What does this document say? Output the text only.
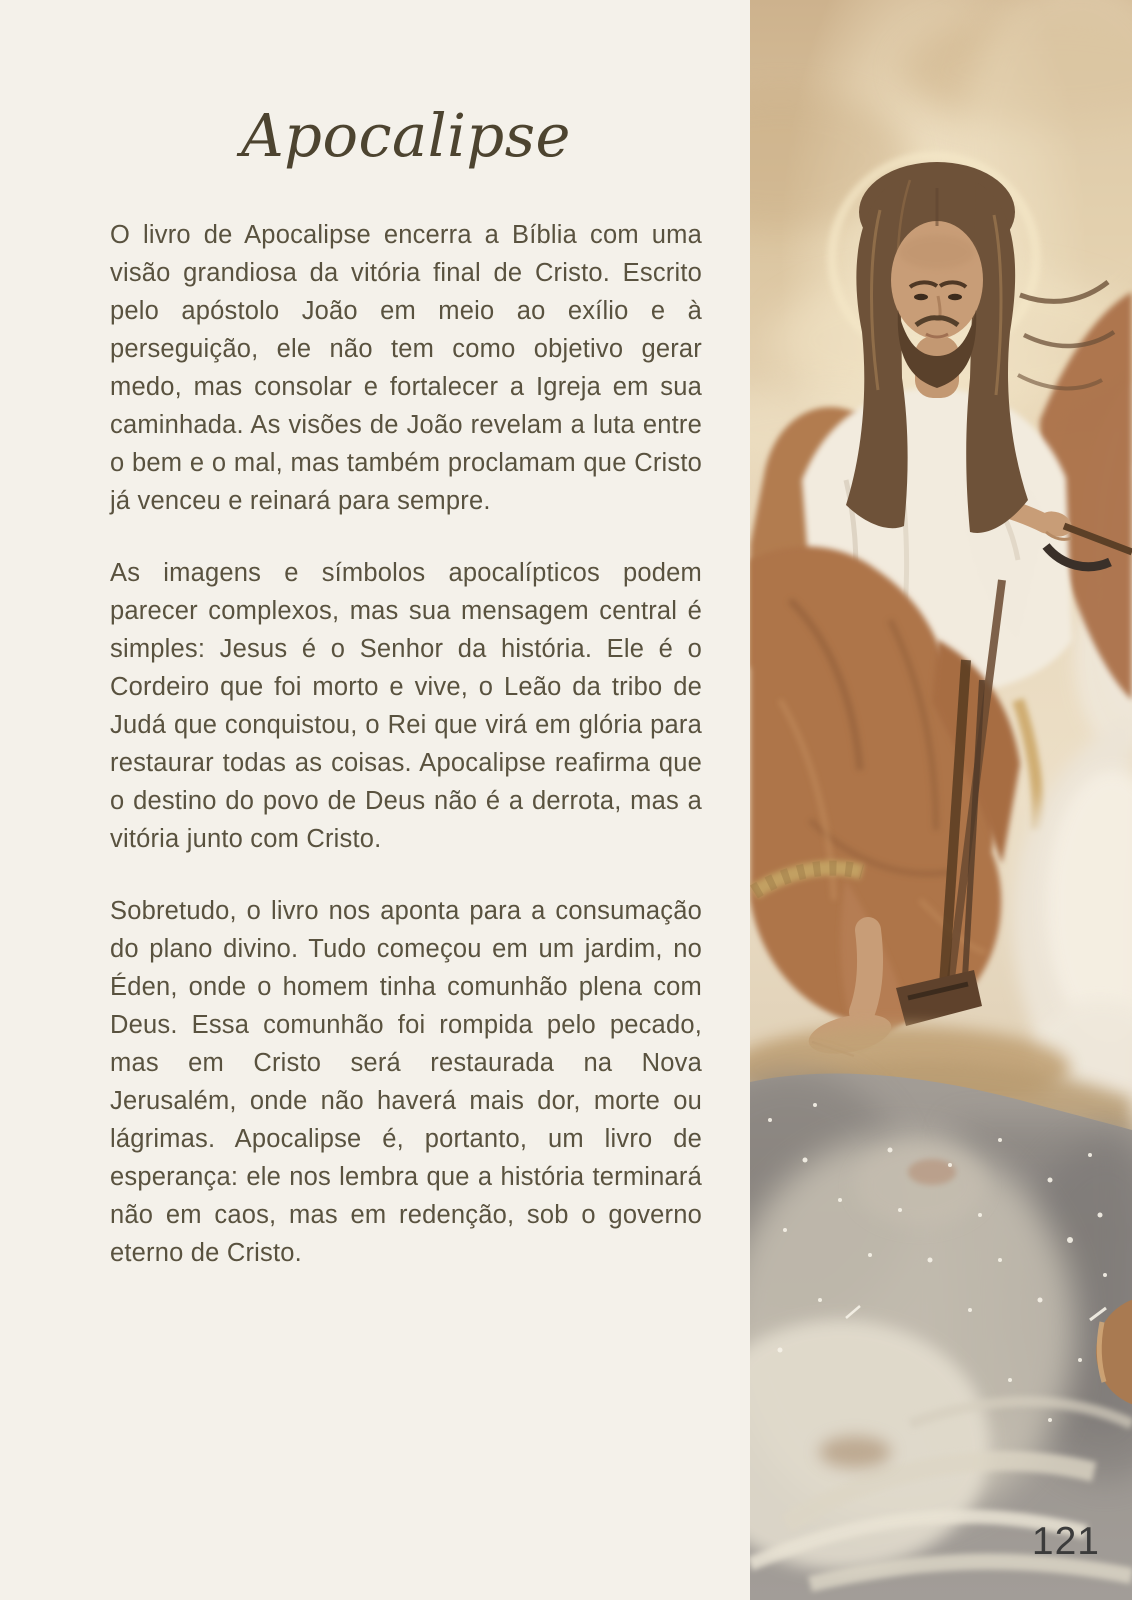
Apocalipse

O livro de Apocalipse encerra a Bíblia com uma visão grandiosa da vitória final de Cristo. Escrito pelo apóstolo João em meio ao exílio e à perseguição, ele não tem como objetivo gerar medo, mas consolar e fortalecer a Igreja em sua caminhada. As visões de João revelam a luta entre o bem e o mal, mas também proclamam que Cristo já venceu e reinará para sempre.

As imagens e símbolos apocalípticos podem parecer complexos, mas sua mensagem central é simples: Jesus é o Senhor da história. Ele é o Cordeiro que foi morto e vive, o Leão da tribo de Judá que conquistou, o Rei que virá em glória para restaurar todas as coisas. Apocalipse reafirma que o destino do povo de Deus não é a derrota, mas a vitória junto com Cristo.

Sobretudo, o livro nos aponta para a consumação do plano divino. Tudo começou em um jardim, no Éden, onde o homem tinha comunhão plena com Deus. Essa comunhão foi rompida pelo pecado, mas em Cristo será restaurada na Nova Jerusalém, onde não haverá mais dor, morte ou lágrimas. Apocalipse é, portanto, um livro de esperança: ele nos lembra que a história terminará não em caos, mas em redenção, sob o governo eterno de Cristo.

121
